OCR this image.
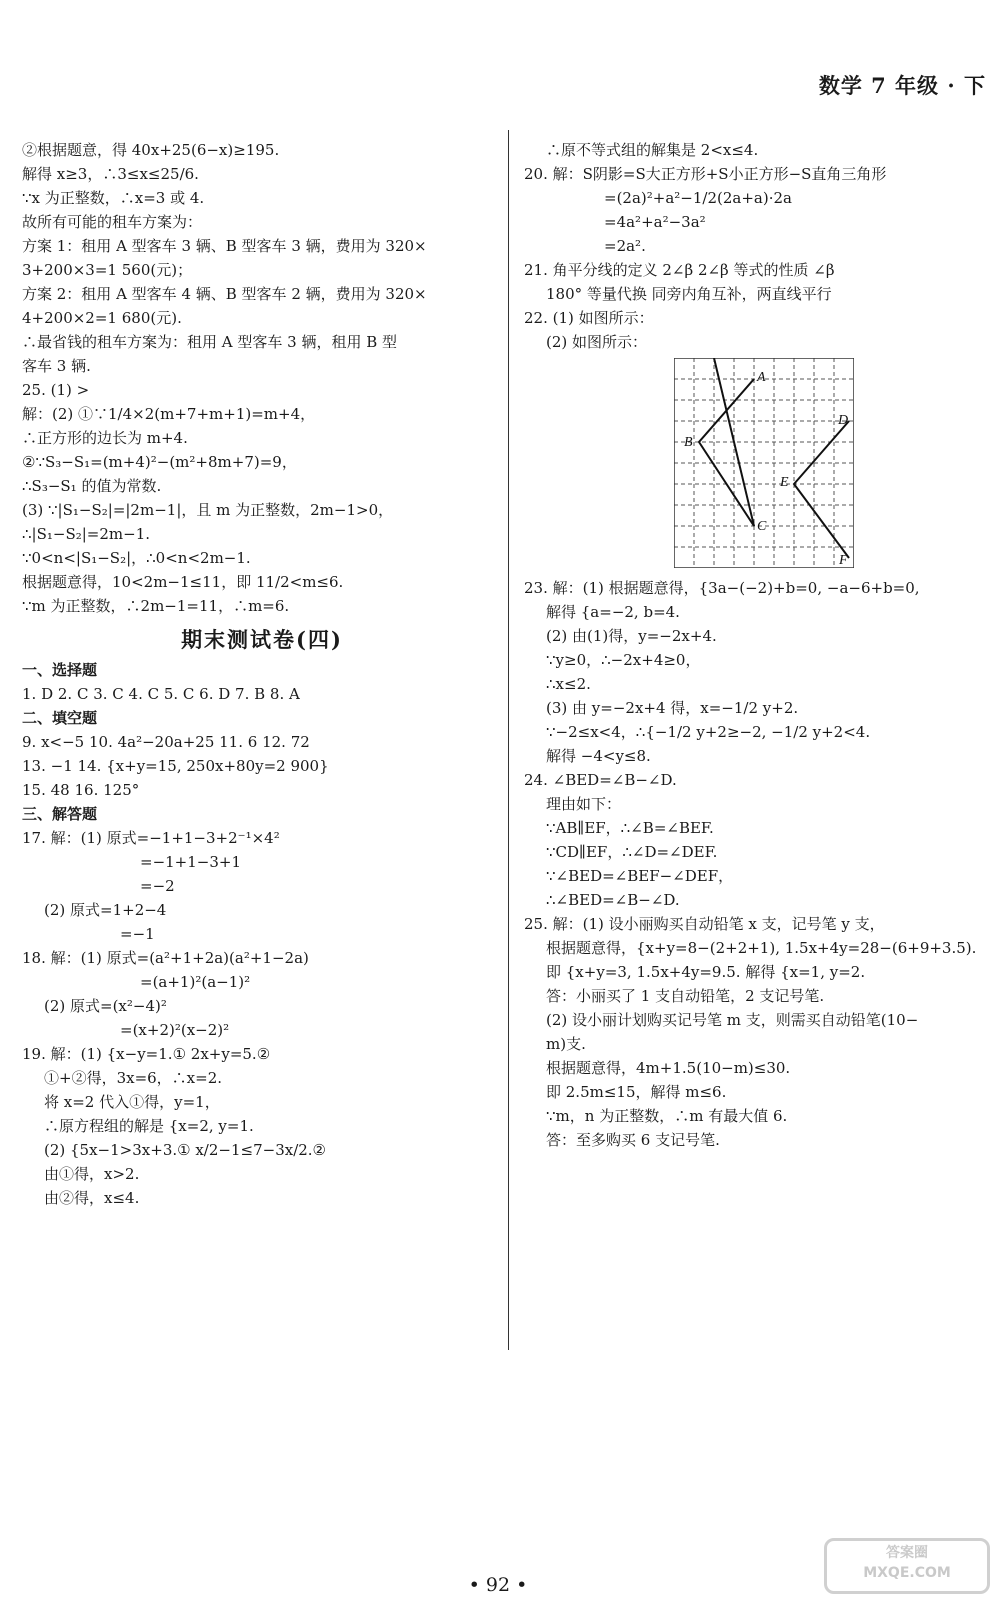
数学 7 年级 · 下
②根据题意，得 40x+25(6−x)≥195.
解得 x≥3，∴3≤x≤25/6.
∵x 为正整数，∴x=3 或 4.
故所有可能的租车方案为：
方案 1：租用 A 型客车 3 辆、B 型客车 3 辆，费用为 320×
3+200×3=1 560(元)；
方案 2：租用 A 型客车 4 辆、B 型客车 2 辆，费用为 320×
4+200×2=1 680(元).
∴最省钱的租车方案为：租用 A 型客车 3 辆，租用 B 型
客车 3 辆.
25. (1) >
解：(2) ①∵1/4×2(m+7+m+1)=m+4，
∴正方形的边长为 m+4.
②∵S₃−S₁=(m+4)²−(m²+8m+7)=9，
∴S₃−S₁ 的值为常数.
(3) ∵|S₁−S₂|=|2m−1|，且 m 为正整数，2m−1>0，
∴|S₁−S₂|=2m−1.
∵0<n<|S₁−S₂|，∴0<n<2m−1.
根据题意得，10<2m−1≤11，即 11/2<m≤6.
∵m 为正整数，∴2m−1=11，∴m=6.
期末测试卷(四)
一、选择题
1. D 2. C 3. C 4. C 5. C 6. D 7. B 8. A
二、填空题
9. x<−5 10. 4a²−20a+25 11. 6 12. 72
13. −1 14. {x+y=15, 250x+80y=2 900}
15. 48 16. 125°
三、解答题
17. 解：(1) 原式=−1+1−3+2⁻¹×4²
=−1+1−3+1
=−2
(2) 原式=1+2−4
=−1
18. 解：(1) 原式=(a²+1+2a)(a²+1−2a)
=(a+1)²(a−1)²
(2) 原式=(x²−4)²
=(x+2)²(x−2)²
19. 解：(1) {x−y=1.① 2x+y=5.②
①+②得，3x=6，∴x=2.
将 x=2 代入①得，y=1，
∴原方程组的解是 {x=2, y=1.
(2) {5x−1>3x+3.① x/2−1≤7−3x/2.②
由①得，x>2.
由②得，x≤4.
∴原不等式组的解集是 2<x≤4.
20. 解：S阴影=S大正方形+S小正方形−S直角三角形
=(2a)²+a²−1/2(2a+a)·2a
=4a²+a²−3a²
=2a².
21. 角平分线的定义 2∠β 2∠β 等式的性质 ∠β
180° 等量代换 同旁内角互补，两直线平行
22. (1) 如图所示：
(2) 如图所示：
A
B
C
D
E
F
23. 解：(1) 根据题意得，{3a−(−2)+b=0, −a−6+b=0,
解得 {a=−2, b=4.
(2) 由(1)得，y=−2x+4.
∵y≥0，∴−2x+4≥0，
∴x≤2.
(3) 由 y=−2x+4 得，x=−1/2 y+2.
∵−2≤x<4，∴{−1/2 y+2≥−2, −1/2 y+2<4.
解得 −4<y≤8.
24. ∠BED=∠B−∠D.
理由如下：
∵AB∥EF，∴∠B=∠BEF.
∵CD∥EF，∴∠D=∠DEF.
∵∠BED=∠BEF−∠DEF，
∴∠BED=∠B−∠D.
25. 解：(1) 设小丽购买自动铅笔 x 支，记号笔 y 支，
根据题意得，{x+y=8−(2+2+1), 1.5x+4y=28−(6+9+3.5).
即 {x+y=3, 1.5x+4y=9.5. 解得 {x=1, y=2.
答：小丽买了 1 支自动铅笔，2 支记号笔.
(2) 设小丽计划购买记号笔 m 支，则需买自动铅笔(10−
m)支.
根据题意得，4m+1.5(10−m)≤30.
即 2.5m≤15，解得 m≤6.
∵m，n 为正整数，∴m 有最大值 6.
答：至多购买 6 支记号笔.
• 92 •
答案圈
MXQE.COM
